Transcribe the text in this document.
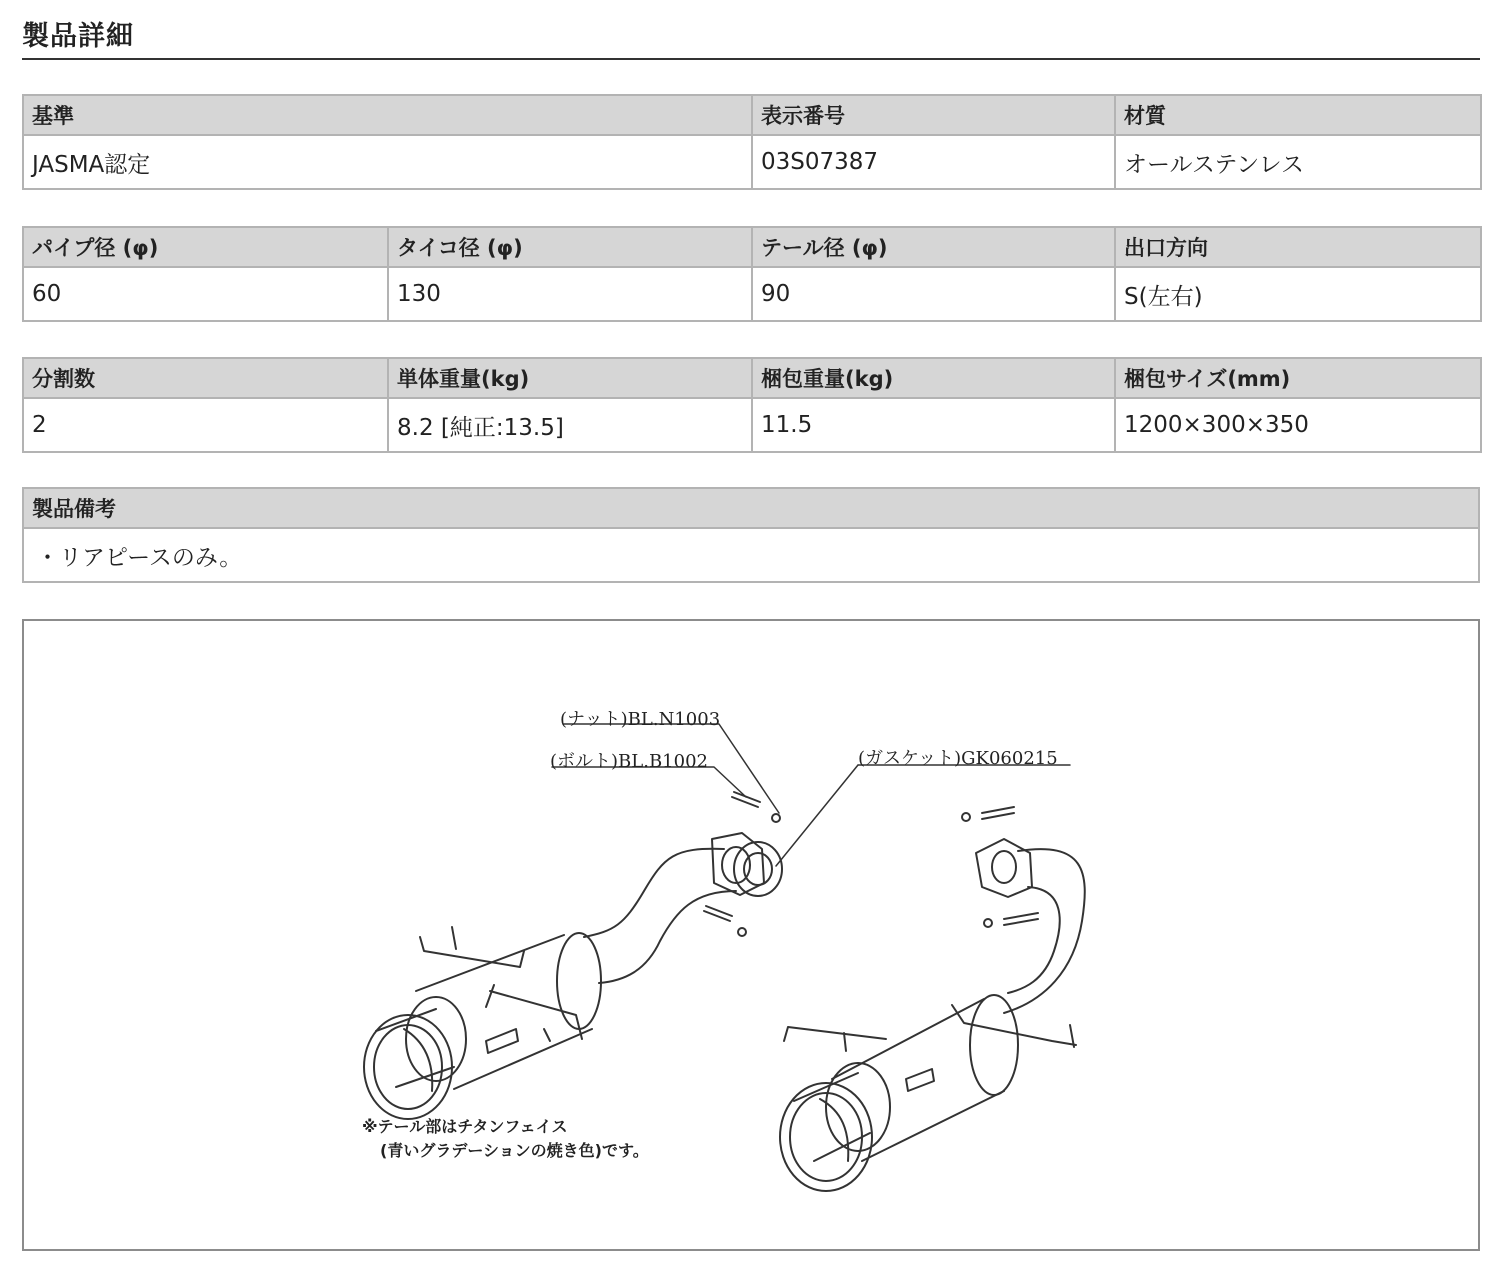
製品詳細
基準	表示番号	材質
JASMA認定	03S07387	オールステンレス
パイプ径 (φ)	タイコ径 (φ)	テール径 (φ)	出口方向
60	130	90	S(左右)
分割数	単体重量(kg)	梱包重量(kg)	梱包サイズ(mm)
2	8.2 [純正:13.5]	11.5	1200×300×350
製品備考
・リアピースのみ。
(ナット)BL.N1003
(ボルト)BL.B1002	(ガスケット)GK060215
※テール部はチタンフェイス
(青いグラデーションの焼き色)です。
